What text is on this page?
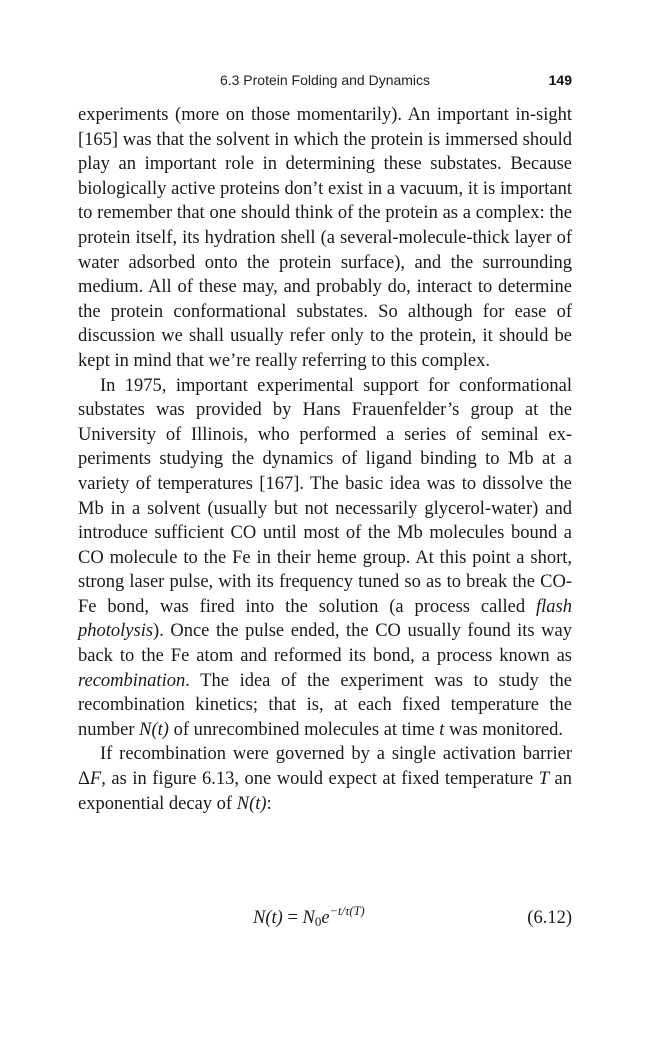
6.3 Protein Folding and Dynamics	149

experiments (more on those momentarily). An important in-sight [165] was that the solvent in which the protein is immersed should play an important role in determining these substates. Because biologically active proteins don’t exist in a vacuum, it is important to remember that one should think of the protein as a complex: the protein itself, its hydration shell (a several-molecule-thick layer of water adsorbed onto the protein surface), and the surrounding medium. All of these may, and probably do, interact to determine the protein conformational substates. So although for ease of discussion we shall usually refer only to the protein, it should be kept in mind that we’re really referring to this complex.

In 1975, important experimental support for conformational substates was provided by Hans Frauenfelder’s group at the University of Illinois, who performed a series of seminal ex-periments studying the dynamics of ligand binding to Mb at a variety of temperatures [167]. The basic idea was to dissolve the Mb in a solvent (usually but not necessarily glycerol-water) and introduce sufficient CO until most of the Mb molecules bound a CO molecule to the Fe in their heme group. At this point a short, strong laser pulse, with its frequency tuned so as to break the CO-Fe bond, was fired into the solution (a process called flash photolysis). Once the pulse ended, the CO usually found its way back to the Fe atom and reformed its bond, a process known as recombination. The idea of the experiment was to study the recombination kinetics; that is, at each fixed temperature the number N(t) of unrecombined molecules at time t was monitored.

If recombination were governed by a single activation barrier ΔF, as in figure 6.13, one would expect at fixed temperature T an exponential decay of N(t):

$N(t) = N_0e^{-t/\tau(T)}$	(6.12)
